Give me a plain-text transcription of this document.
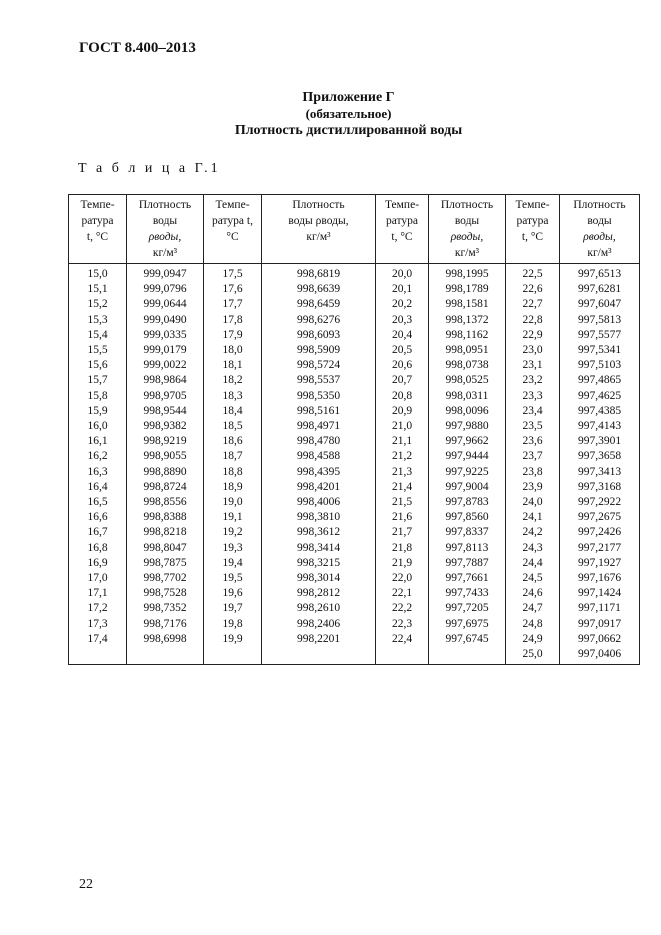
ГОСТ 8.400–2013
Приложение Г
(обязательное)
Плотность дистиллированной воды
Т а б л и ц а Г.1
Темпе-
ратура
t, °С	Плотность
воды
ρводы,
кг/м³	Темпе-
ратура t,
°С	Плотность
воды ρводы,
кг/м³	Темпе-
ратура
t, °С	Плотность
воды
ρводы,
кг/м³	Темпе-
ратура
t, °С	Плотность
воды
ρводы,
кг/м³

15,0	999,0947	17,5	998,6819	20,0	998,1995	22,5	997,6513
15,1	999,0796	17,6	998,6639	20,1	998,1789	22,6	997,6281
15,2	999,0644	17,7	998,6459	20,2	998,1581	22,7	997,6047
15,3	999,0490	17,8	998,6276	20,3	998,1372	22,8	997,5813
15,4	999,0335	17,9	998,6093	20,4	998,1162	22,9	997,5577
15,5	999,0179	18,0	998,5909	20,5	998,0951	23,0	997,5341
15,6	999,0022	18,1	998,5724	20,6	998,0738	23,1	997,5103
15,7	998,9864	18,2	998,5537	20,7	998,0525	23,2	997,4865
15,8	998,9705	18,3	998,5350	20,8	998,0311	23,3	997,4625
15,9	998,9544	18,4	998,5161	20,9	998,0096	23,4	997,4385
16,0	998,9382	18,5	998,4971	21,0	997,9880	23,5	997,4143
16,1	998,9219	18,6	998,4780	21,1	997,9662	23,6	997,3901
16,2	998,9055	18,7	998,4588	21,2	997,9444	23,7	997,3658
16,3	998,8890	18,8	998,4395	21,3	997,9225	23,8	997,3413
16,4	998,8724	18,9	998,4201	21,4	997,9004	23,9	997,3168
16,5	998,8556	19,0	998,4006	21,5	997,8783	24,0	997,2922
16,6	998,8388	19,1	998,3810	21,6	997,8560	24,1	997,2675
16,7	998,8218	19,2	998,3612	21,7	997,8337	24,2	997,2426
16,8	998,8047	19,3	998,3414	21,8	997,8113	24,3	997,2177
16,9	998,7875	19,4	998,3215	21,9	997,7887	24,4	997,1927
17,0	998,7702	19,5	998,3014	22,0	997,7661	24,5	997,1676
17,1	998,7528	19,6	998,2812	22,1	997,7433	24,6	997,1424
17,2	998,7352	19,7	998,2610	22,2	997,7205	24,7	997,1171
17,3	998,7176	19,8	998,2406	22,3	997,6975	24,8	997,0917
17,4	998,6998	19,9	998,2201	22,4	997,6745	24,9	997,0662
						25,0	997,0406
22
